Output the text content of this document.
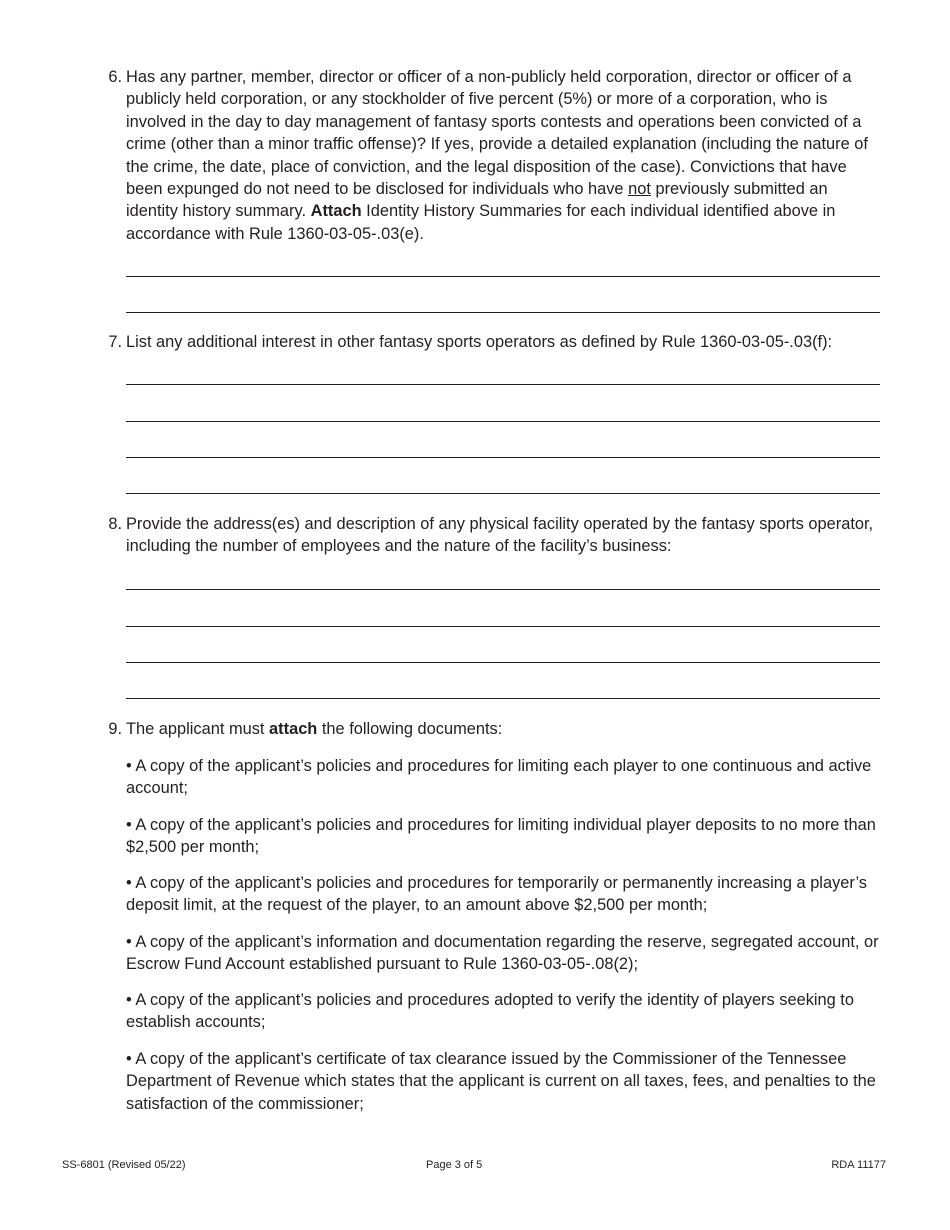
6. Has any partner, member, director or officer of a non-publicly held corporation, director or officer of a publicly held corporation, or any stockholder of five percent (5%) or more of a corporation, who is involved in the day to day management of fantasy sports contests and operations been convicted of a crime (other than a minor traffic offense)? If yes, provide a detailed explanation (including the nature of the crime, the date, place of conviction, and the legal disposition of the case). Convictions that have been expunged do not need to be disclosed for individuals who have not previously submitted an identity history summary. Attach Identity History Summaries for each individual identified above in accordance with Rule 1360-03-05-.03(e).
7. List any additional interest in other fantasy sports operators as defined by Rule 1360-03-05-.03(f):
8. Provide the address(es) and description of any physical facility operated by the fantasy sports operator, including the number of employees and the nature of the facility’s business:
9. The applicant must attach the following documents:
• A copy of the applicant’s policies and procedures for limiting each player to one continuous and active account;
• A copy of the applicant’s policies and procedures for limiting individual player deposits to no more than $2,500 per month;
• A copy of the applicant’s policies and procedures for temporarily or permanently increasing a player’s deposit limit, at the request of the player, to an amount above $2,500 per month;
• A copy of the applicant’s information and documentation regarding the reserve, segregated account, or Escrow Fund Account established pursuant to Rule 1360-03-05-.08(2);
• A copy of the applicant’s policies and procedures adopted to verify the identity of players seeking to establish accounts;
• A copy of the applicant’s certificate of tax clearance issued by the Commissioner of the Tennessee Department of Revenue which states that the applicant is current on all taxes, fees, and penalties to the satisfaction of the commissioner;
SS-6801 (Revised 05/22)	Page 3 of 5	RDA 11177
